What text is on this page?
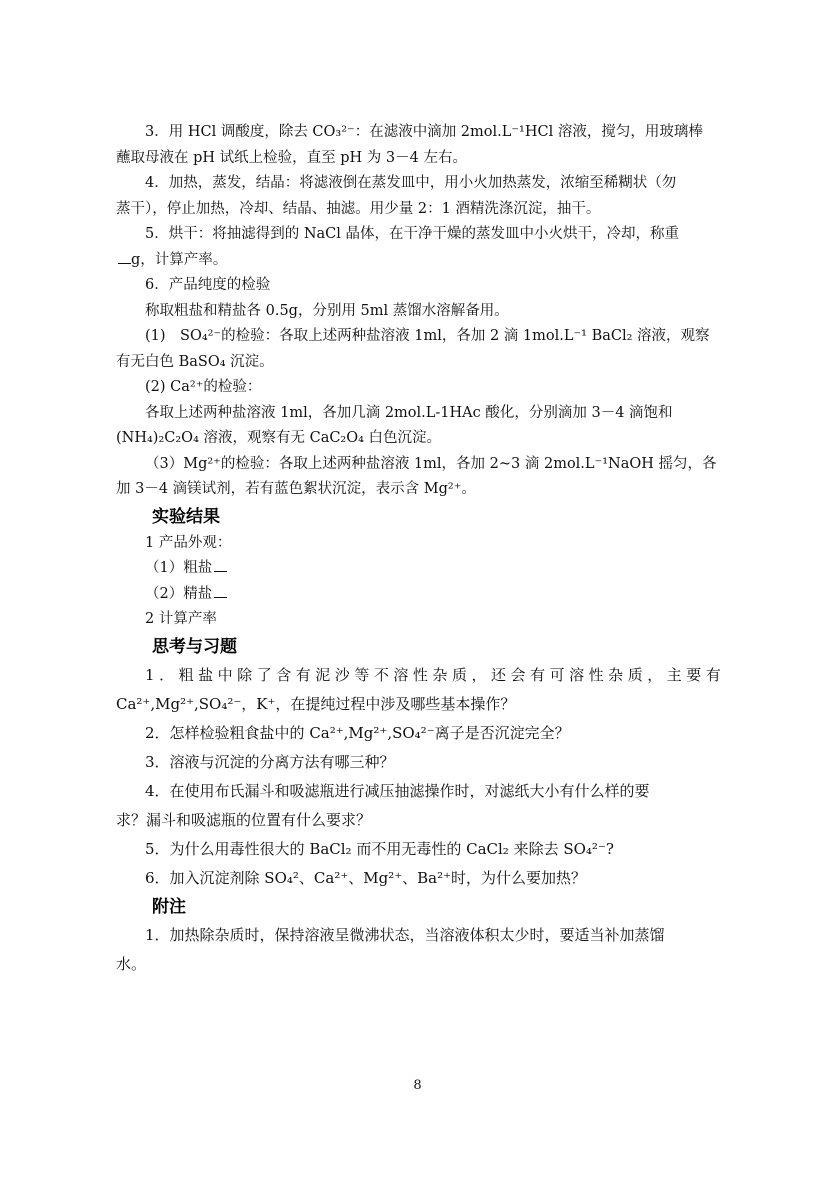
3．用 HCl 调酸度，除去 CO₃²⁻：在滤液中滴加 2mol.L⁻¹HCl 溶液，搅匀，用玻璃棒

蘸取母液在 pH 试纸上检验，直至 pH 为 3－4 左右。

4．加热，蒸发，结晶：将滤液倒在蒸发皿中，用小火加热蒸发，浓缩至稀糊状（勿

蒸干），停止加热，冷却、结晶、抽滤。用少量 2：1 酒精洗涤沉淀，抽干。

5．烘干：将抽滤得到的 NaCl 晶体，在干净干燥的蒸发皿中小火烘干，冷却，称重

g，计算产率。

6．产品纯度的检验

称取粗盐和精盐各 0.5g，分别用 5ml 蒸馏水溶解备用。

(1)　SO₄²⁻的检验：各取上述两种盐溶液 1ml，各加 2 滴 1mol.L⁻¹ BaCl₂ 溶液，观察

有无白色 BaSO₄ 沉淀。

(2) Ca²⁺的检验：

各取上述两种盐溶液 1ml，各加几滴 2mol.L-1HAc 酸化，分别滴加 3－4 滴饱和

(NH₄)₂C₂O₄ 溶液，观察有无 CaC₂O₄ 白色沉淀。

（3）Mg²⁺的检验：各取上述两种盐溶液 1ml，各加 2~3 滴 2mol.L⁻¹NaOH 摇匀，各

加 3－4 滴镁试剂，若有蓝色絮状沉淀，表示含 Mg²⁺。

实验结果

1 产品外观：

（1）粗盐

（2）精盐

2 计算产率

思考与习题

1．粗盐中除了含有泥沙等不溶性杂质，还会有可溶性杂质，主要有

Ca²⁺,Mg²⁺,SO₄²⁻，K⁺，在提纯过程中涉及哪些基本操作？

2．怎样检验粗食盐中的 Ca²⁺,Mg²⁺,SO₄²⁻离子是否沉淀完全？

3．溶液与沉淀的分离方法有哪三种？

4．在使用布氏漏斗和吸滤瓶进行减压抽滤操作时，对滤纸大小有什么样的要

求？漏斗和吸滤瓶的位置有什么要求？

5．为什么用毒性很大的 BaCl₂ 而不用无毒性的 CaCl₂ 来除去 SO₄²⁻?

6．加入沉淀剂除 SO₄²、Ca²⁺、Mg²⁺、Ba²⁺时，为什么要加热？

附注

1．加热除杂质时，保持溶液呈微沸状态，当溶液体积太少时，要适当补加蒸馏

水。

8
